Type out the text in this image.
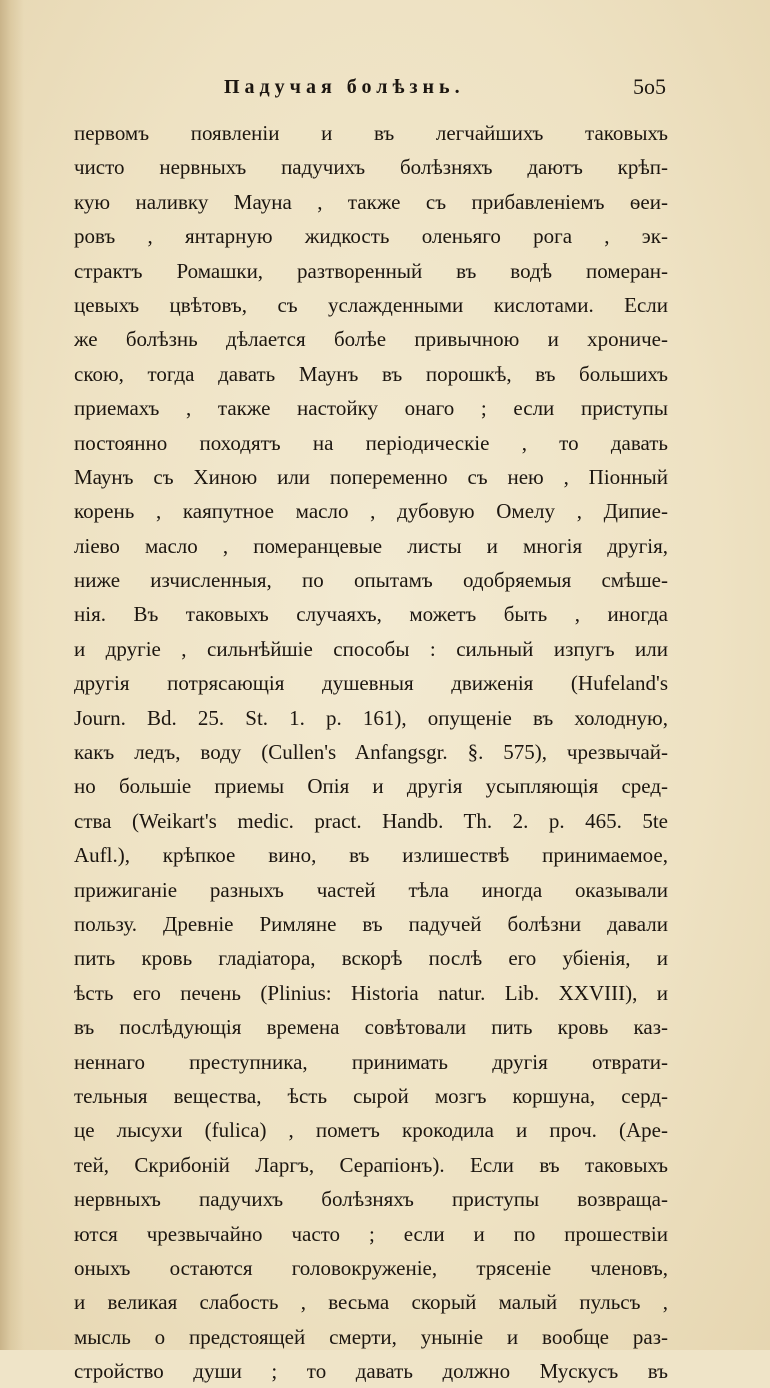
Падучая болѣзнь.	5о5
первомъ появленіи и въ легчайшихъ таковыхъ
чисто нервныхъ падучихъ болѣзняхъ даютъ крѣп-
кую наливку Мауна , также съ прибавленіемъ ѳеи-
ровъ , янтарную жидкость оленьяго рога , эк-
страктъ Ромашки, разтворенный въ водѣ померан-
цевыхъ цвѣтовъ, съ услажденными кислотами. Если
же болѣзнь дѣлается болѣе привычною и хрониче-
скою, тогда давать Маунъ въ порошкѣ, въ большихъ
приемахъ , также настойку онаго ; если приступы
постоянно походятъ на періодическіе , то давать
Маунъ съ Хиною или попеременно съ нею , Піонный
корень , каяпутное масло , дубовую Омелу , Дипие-
ліево масло , померанцевые листы и многія другія,
ниже изчисленныя, по опытамъ одобряемыя смѣше-
нія. Въ таковыхъ случаяхъ, можетъ быть , иногда
и другіе , сильнѣйшіе способы : сильный изпугъ или
другія потрясающія душевныя движенія (Hufeland's
Journ. Bd. 25. St. 1. p. 161), опущеніе въ холодную,
какъ ледъ, воду (Cullen's Anfangsgr. §. 575), чрезвычай-
но большіе приемы Опія и другія усыпляющія сред-
ства (Weikart's medic. pract. Handb. Th. 2. p. 465. 5te
Aufl.), крѣпкое вино, въ излишествѣ принимаемое,
прижиганіе разныхъ частей тѣла иногда оказывали
пользу. Древніе Римляне въ падучей болѣзни давали
пить кровь гладіатора, вскорѣ послѣ его убіенія, и
ѣсть его печень (Plinius: Historia natur. Lib. XXVIII), и
въ послѣдующія времена совѣтовали пить кровь каз-
неннаго преступника, принимать другія отврати-
тельныя вещества, ѣсть сырой мозгъ коршуна, серд-
це лысухи (fulica) , пометъ крокодила и проч. (Аре-
тей, Скрибоній Ларгъ, Серапіонъ). Если въ таковыхъ
нервныхъ падучихъ болѣзняхъ приступы возвраща-
ются чрезвычайно часто ; если и по прошествіи
оныхъ остаются головокруженіе, трясеніе членовъ,
и великая слабость , весьма скорый малый пульсъ ,
мысль о предстоящей смерти, уныніе и вообще раз-
стройство души ; то давать должно Мускусъ въ
